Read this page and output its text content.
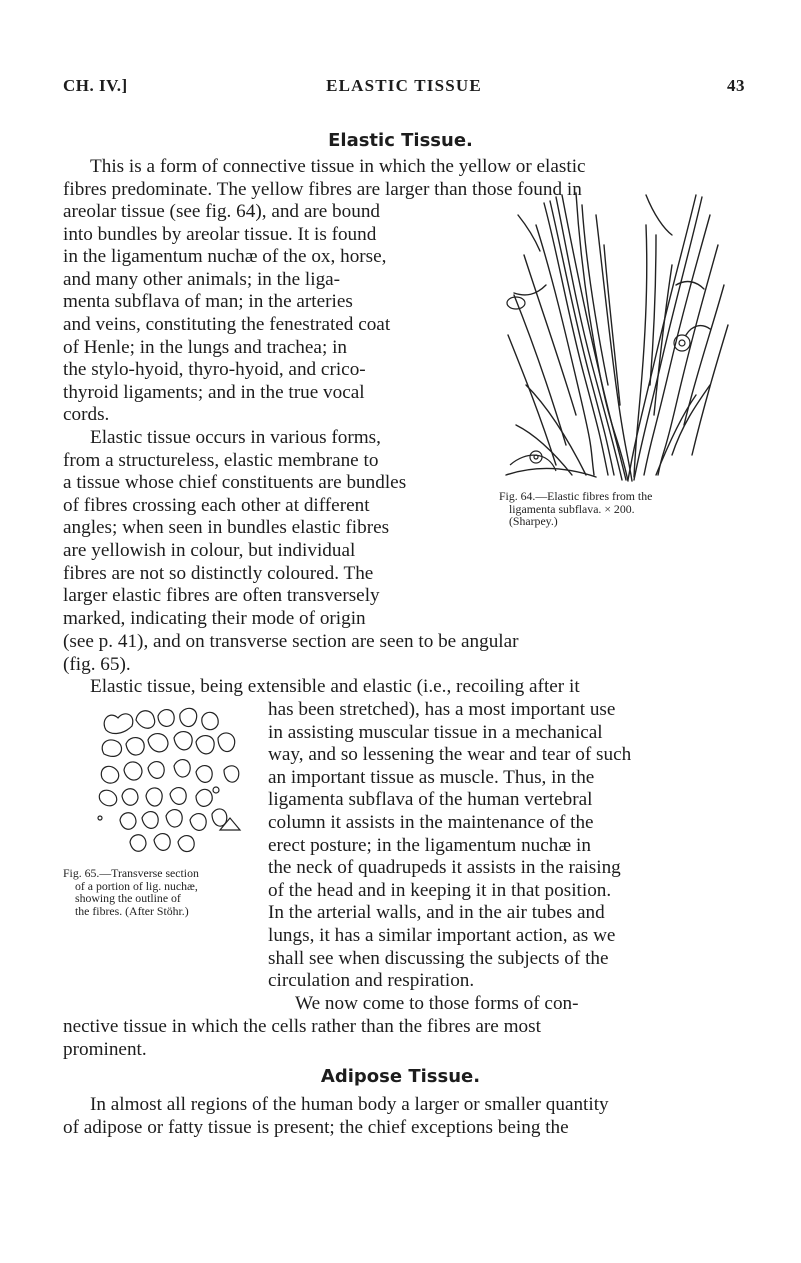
CH. IV.]	ELASTIC TISSUE	43
Elastic Tissue.
This is a form of connective tissue in which the yellow or elastic
fibres predominate. The yellow fibres are larger than those found in
areolar tissue (see fig. 64), and are bound
into bundles by areolar tissue. It is found
in the ligamentum nuchæ of the ox, horse,
and many other animals; in the liga-
menta subflava of man; in the arteries
and veins, constituting the fenestrated coat
of Henle; in the lungs and trachea; in
the stylo-hyoid, thyro-hyoid, and crico-
thyroid ligaments; and in the true vocal
cords.
Elastic tissue occurs in various forms,
from a structureless, elastic membrane to
a tissue whose chief constituents are bundles
of fibres crossing each other at different
angles; when seen in bundles elastic fibres
are yellowish in colour, but individual
fibres are not so distinctly coloured. The
larger elastic fibres are often transversely
marked, indicating their mode of origin
Fig. 64.—Elastic fibres from the
ligamenta subflava. × 200.
(Sharpey.)
(see p. 41), and on transverse section are seen to be angular
(fig. 65).
Elastic tissue, being extensible and elastic (i.e., recoiling after it
Fig. 65.—Transverse section
of a portion of lig. nuchæ,
showing the outline of
the fibres. (After Stöhr.)
has been stretched), has a most important use
in assisting muscular tissue in a mechanical
way, and so lessening the wear and tear of such
an important tissue as muscle. Thus, in the
ligamenta subflava of the human vertebral
column it assists in the maintenance of the
erect posture; in the ligamentum nuchæ in
the neck of quadrupeds it assists in the raising
of the head and in keeping it in that position.
In the arterial walls, and in the air tubes and
lungs, it has a similar important action, as we
shall see when discussing the subjects of the
circulation and respiration.
We now come to those forms of con-
nective tissue in which the cells rather than the fibres are most
prominent.
Adipose Tissue.
In almost all regions of the human body a larger or smaller quantity
of adipose or fatty tissue is present; the chief exceptions being the
